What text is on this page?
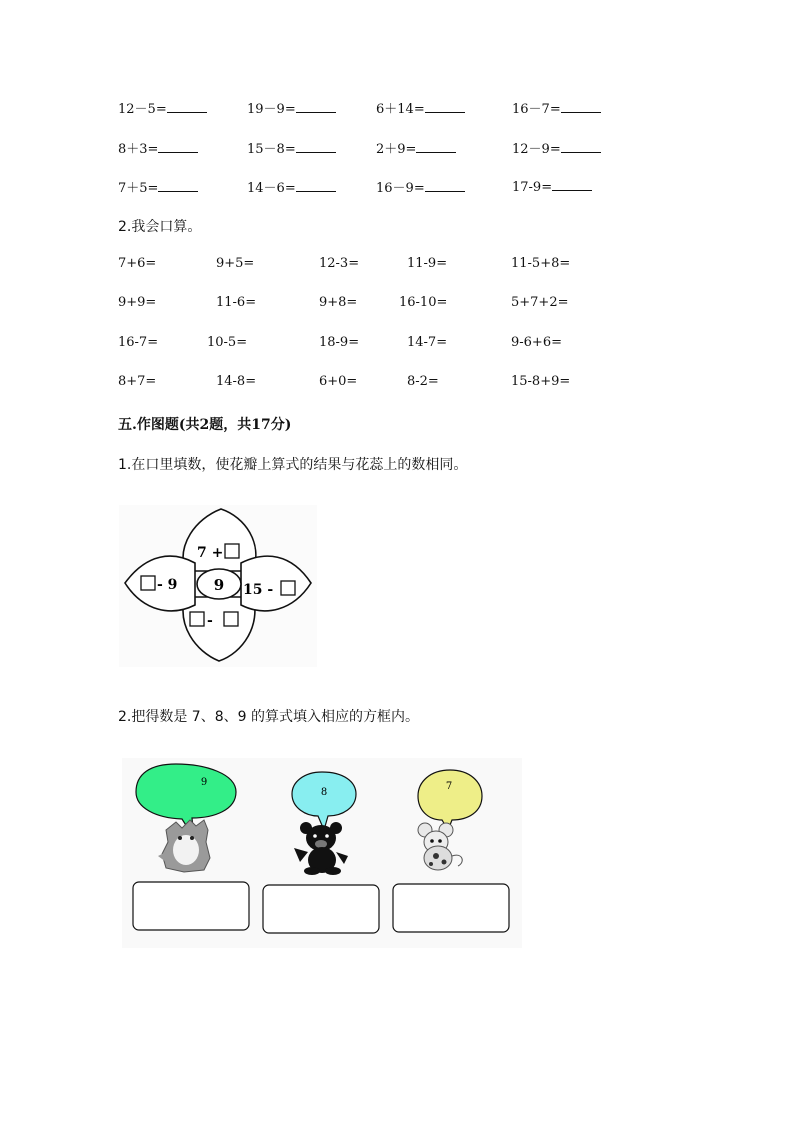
12－5=	19－9=	6＋14=	16－7=
8＋3=	15－8=	2＋9=	12－9=
7＋5=	14－6=	16－9=	17-9=
2.我会口算。
7+6=	9+5=	12-3=	11-9=	11-5+8=
9+9=	11-6=	9+8=	16-10=	5+7+2=
16-7=	10-5=	18-9=	14-7=	9-6+6=
8+7=	14-8=	6+0=	8-2=	15-8+9=
五.作图题(共2题，共17分)
1.在口里填数，使花瓣上算式的结果与花蕊上的数相同。
9
7 +
- 9	15 -
-
2.把得数是 7、8、9 的算式填入相应的方框内。
9
8
7
